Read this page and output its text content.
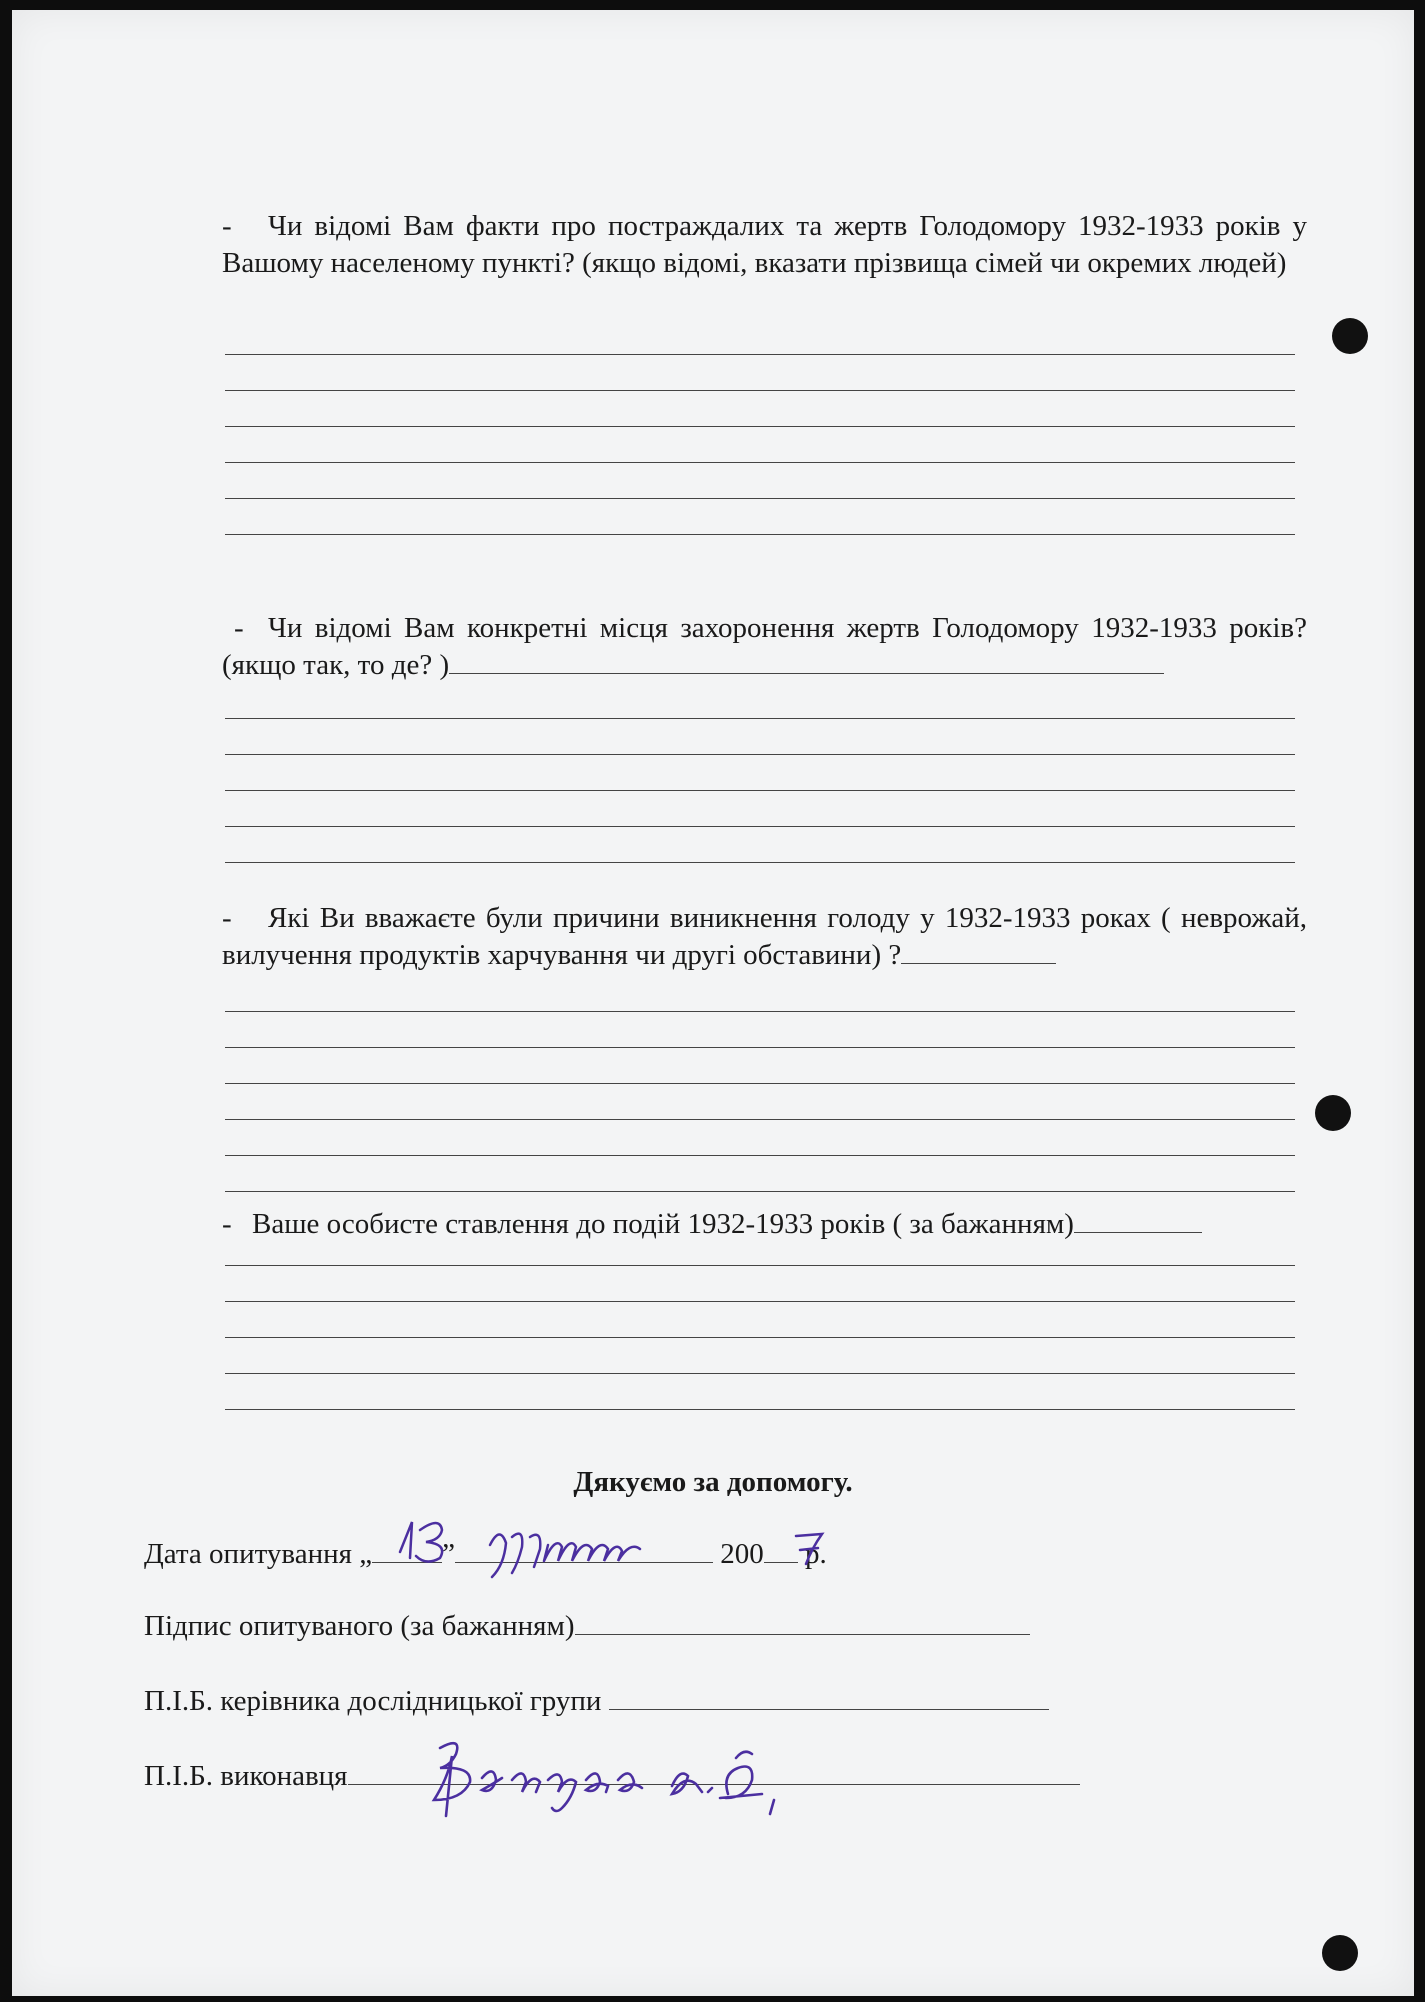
- Чи відомі Вам факти про постраждалих та жертв Голодомору 1932-1933 років у Вашому населеному пункті? (якщо відомі, вказати прізвища сімей чи окремих людей)
- Чи відомі Вам конкретні місця захоронення жертв Голодомору 1932-1933 років? (якщо так, то де? )
- Які Ви вважаєте були причини виникнення голоду у 1932-1933 роках ( неврожай, вилучення продуктів харчування чи другі обставини) ?
- Ваше особисте ставлення до подій 1932-1933 років ( за бажанням)
Дякуємо за допомогу.
Дата опитування „ ”	200 р.
Підпис опитуваного (за бажанням)
П.І.Б. керівника дослідницької групи
П.І.Б. виконавця
